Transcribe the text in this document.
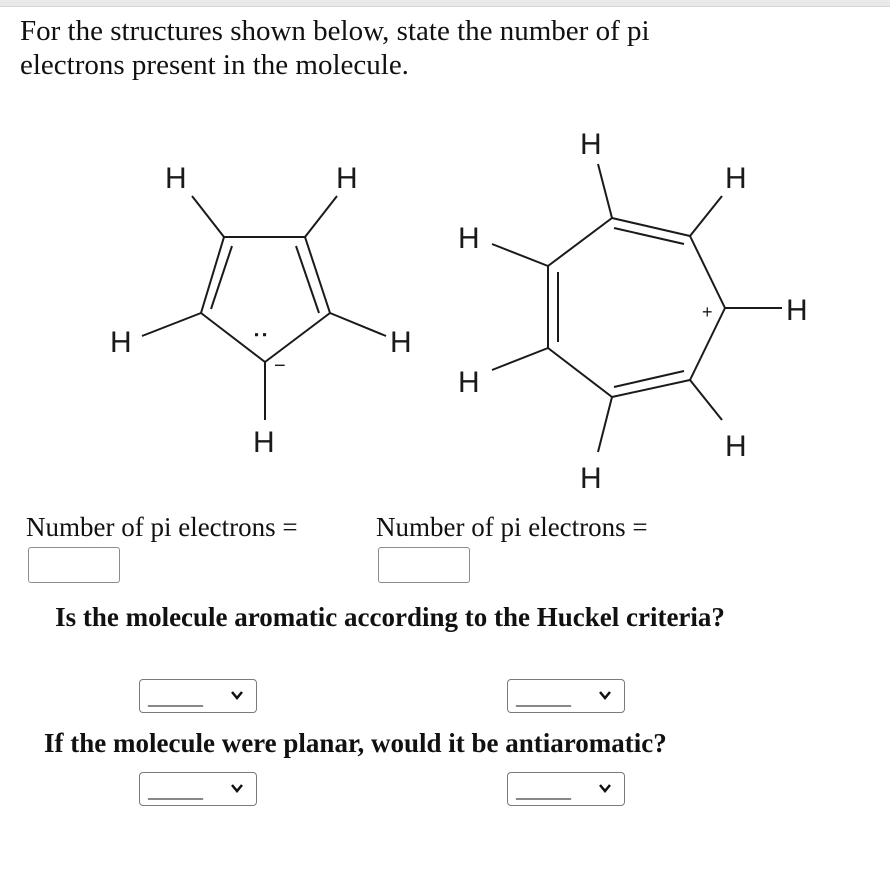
For the structures shown below, state the number of pi electrons present in the molecule.
H	H
H	H
H
:
−
H
H
H
H
H
H
H
+
Number of pi electrons =	Number of pi electrons =
Is the molecule aromatic according to the Huckel criteria?
______	______
If the molecule were planar, would it be antiaromatic?
______	______
